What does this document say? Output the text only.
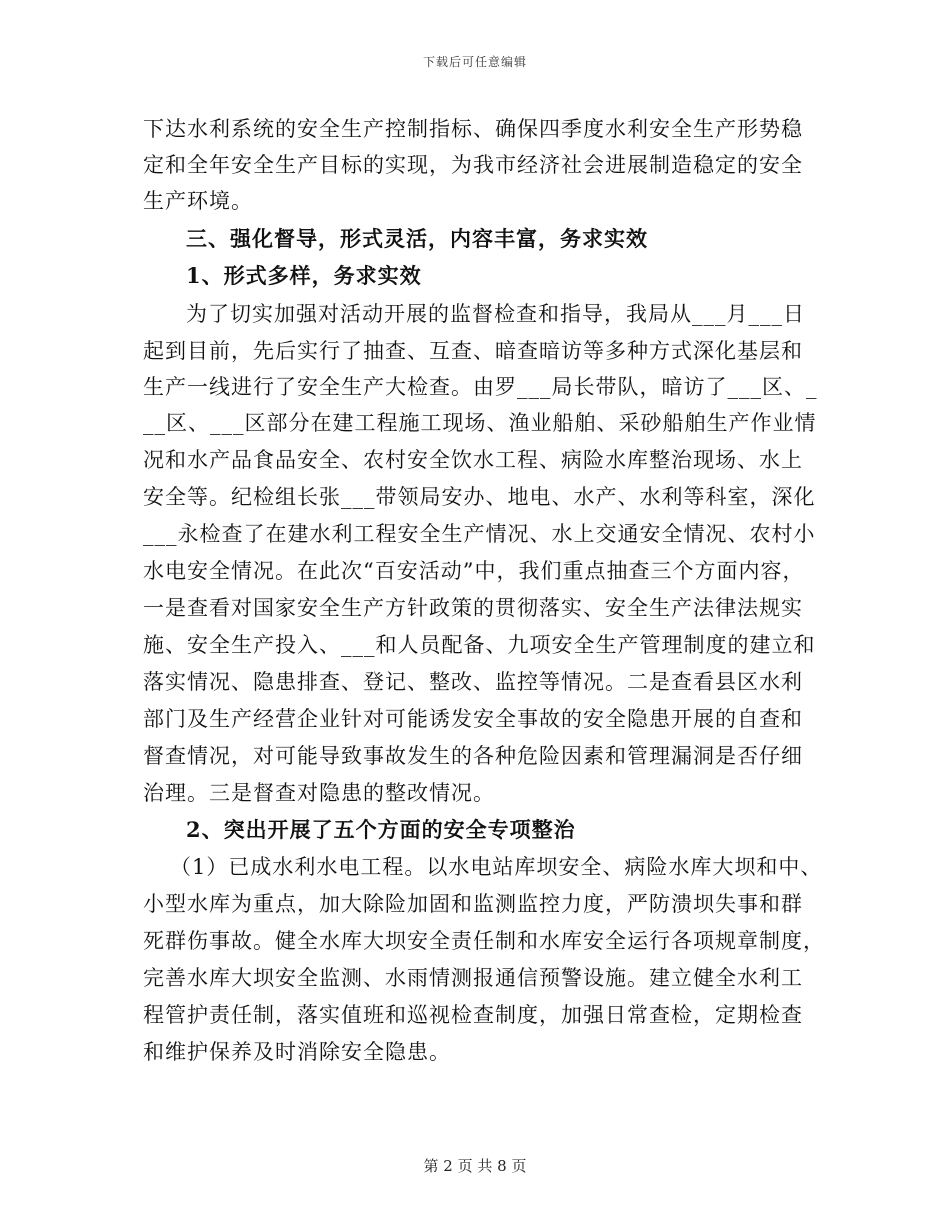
下载后可任意编辑
下达水利系统的安全生产控制指标、确保四季度水利安全生产形势稳
定和全年安全生产目标的实现，为我市经济社会进展制造稳定的安全
生产环境。
三、强化督导，形式灵活，内容丰富，务求实效
1、形式多样，务求实效
为了切实加强对活动开展的监督检查和指导，我局从___月___日
起到目前，先后实行了抽查、互查、暗查暗访等多种方式深化基层和
生产一线进行了安全生产大检查。由罗___局长带队，暗访了___区、_
__区、___区部分在建工程施工现场、渔业船舶、采砂船舶生产作业情
况和水产品食品安全、农村安全饮水工程、病险水库整治现场、水上
安全等。纪检组长张___带领局安办、地电、水产、水利等科室，深化
___永检查了在建水利工程安全生产情况、水上交通安全情况、农村小
水电安全情况。在此次“百安活动”中，我们重点抽查三个方面内容，
一是查看对国家安全生产方针政策的贯彻落实、安全生产法律法规实
施、安全生产投入、___和人员配备、九项安全生产管理制度的建立和
落实情况、隐患排查、登记、整改、监控等情况。二是查看县区水利
部门及生产经营企业针对可能诱发安全事故的安全隐患开展的自查和
督查情况，对可能导致事故发生的各种危险因素和管理漏洞是否仔细
治理。三是督查对隐患的整改情况。
2、突出开展了五个方面的安全专项整治
（1）已成水利水电工程。以水电站库坝安全、病险水库大坝和中、
小型水库为重点，加大除险加固和监测监控力度，严防溃坝失事和群
死群伤事故。健全水库大坝安全责任制和水库安全运行各项规章制度，
完善水库大坝安全监测、水雨情测报通信预警设施。建立健全水利工
程管护责任制，落实值班和巡视检查制度，加强日常查检，定期检查
和维护保养及时消除安全隐患。
第 2 页 共 8 页
